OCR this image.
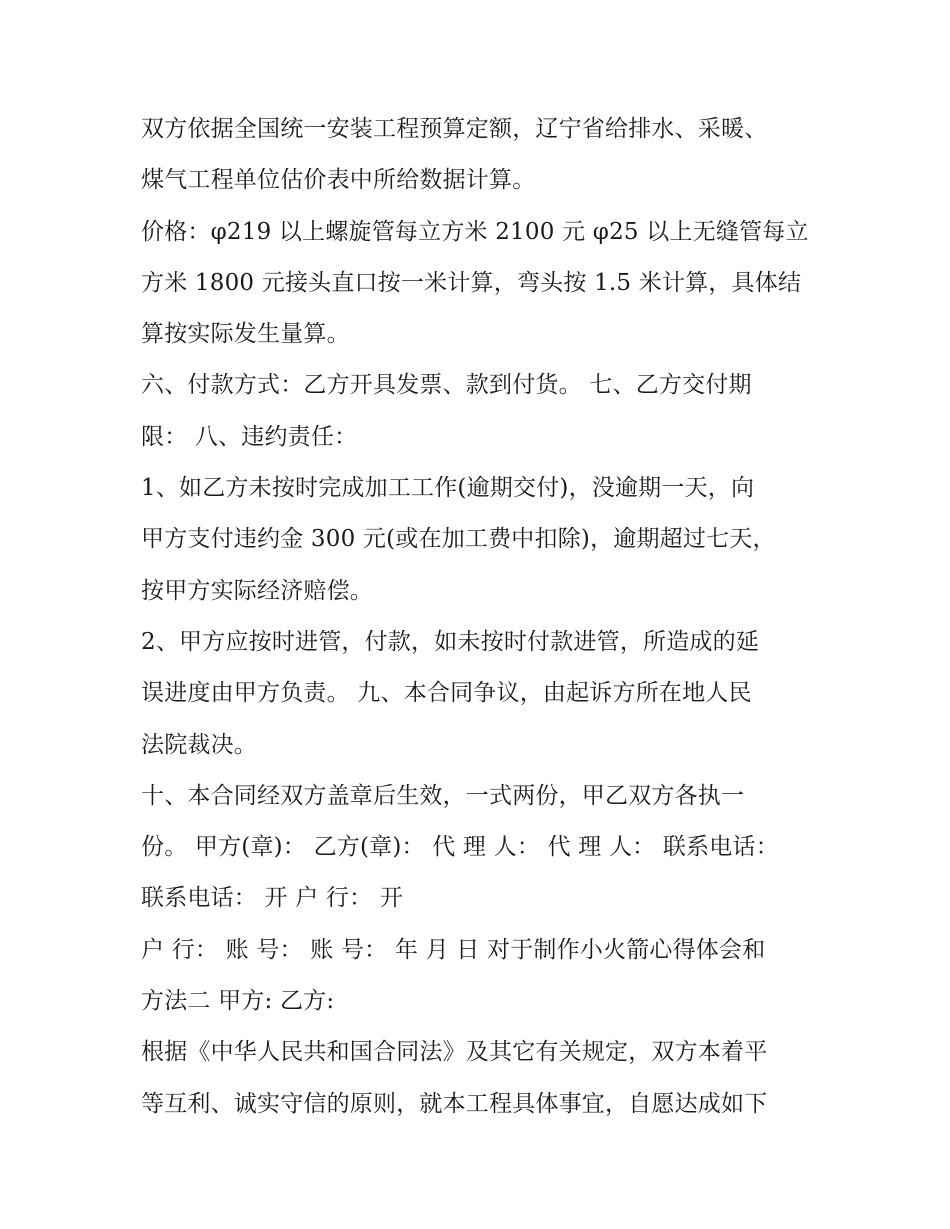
双方依据全国统一安装工程预算定额，辽宁省给排水、采暖、
煤气工程单位估价表中所给数据计算。
价格：φ219 以上螺旋管每立方米 2100 元 φ25 以上无缝管每立
方米 1800 元接头直口按一米计算，弯头按 1.5 米计算，具体结
算按实际发生量算。
六、付款方式：乙方开具发票、款到付货。 七、乙方交付期
限： 八、违约责任：
1、如乙方未按时完成加工工作(逾期交付)，没逾期一天，向
甲方支付违约金 300 元(或在加工费中扣除)，逾期超过七天，
按甲方实际经济赔偿。
2、甲方应按时进管，付款，如未按时付款进管，所造成的延
误进度由甲方负责。 九、本合同争议，由起诉方所在地人民
法院裁决。
十、本合同经双方盖章后生效，一式两份，甲乙双方各执一
份。 甲方(章)： 乙方(章)： 代 理 人： 代 理 人： 联系电话：
联系电话： 开 户 行： 开
户 行： 账 号： 账 号： 年 月 日 对于制作小火箭心得体会和
方法二 甲方: 乙方:
根据《中华人民共和国合同法》及其它有关规定，双方本着平
等互利、诚实守信的原则，就本工程具体事宜，自愿达成如下
